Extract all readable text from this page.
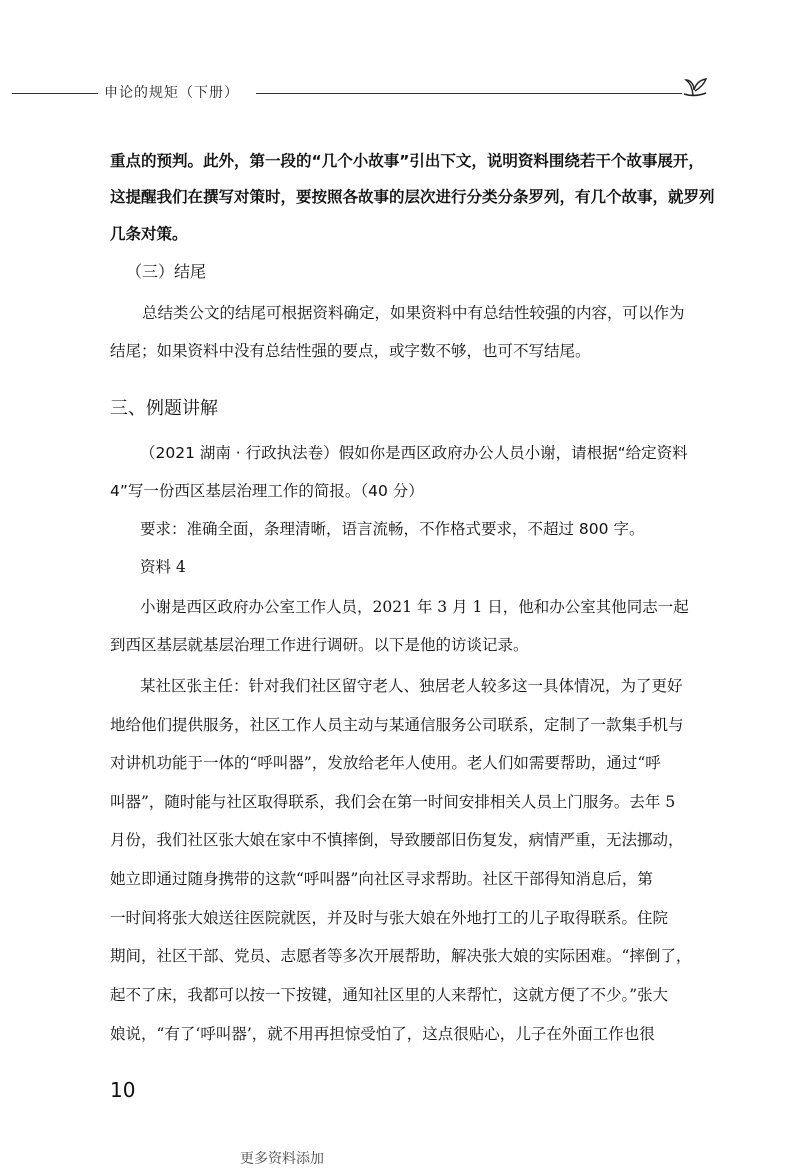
申论的规矩（下册）
重点的预判。此外，第一段的“几个小故事”引出下文，说明资料围绕若干个故事展开，
这提醒我们在撰写对策时，要按照各故事的层次进行分类分条罗列，有几个故事，就罗列
几条对策。
（三）结尾
总结类公文的结尾可根据资料确定，如果资料中有总结性较强的内容，可以作为
结尾；如果资料中没有总结性强的要点，或字数不够，也可不写结尾。
三、例题讲解
（2021 湖南 · 行政执法卷）假如你是西区政府办公人员小谢，请根据“给定资料
4”写一份西区基层治理工作的简报。（40 分）
要求：准确全面，条理清晰，语言流畅，不作格式要求，不超过 800 字。
资料 4
小谢是西区政府办公室工作人员，2021 年 3 月 1 日，他和办公室其他同志一起
到西区基层就基层治理工作进行调研。以下是他的访谈记录。
某社区张主任：针对我们社区留守老人、独居老人较多这一具体情况，为了更好
地给他们提供服务，社区工作人员主动与某通信服务公司联系，定制了一款集手机与
对讲机功能于一体的“呼叫器”，发放给老年人使用。老人们如需要帮助，通过“呼
叫器”，随时能与社区取得联系，我们会在第一时间安排相关人员上门服务。去年 5
月份，我们社区张大娘在家中不慎摔倒，导致腰部旧伤复发，病情严重，无法挪动，
她立即通过随身携带的这款“呼叫器”向社区寻求帮助。社区干部得知消息后，第
一时间将张大娘送往医院就医，并及时与张大娘在外地打工的儿子取得联系。住院
期间，社区干部、党员、志愿者等多次开展帮助，解决张大娘的实际困难。“摔倒了，
起不了床，我都可以按一下按键，通知社区里的人来帮忙，这就方便了不少。”张大
娘说，“有了‘呼叫器’，就不用再担惊受怕了，这点很贴心，儿子在外面工作也很
10
更多资料添加
